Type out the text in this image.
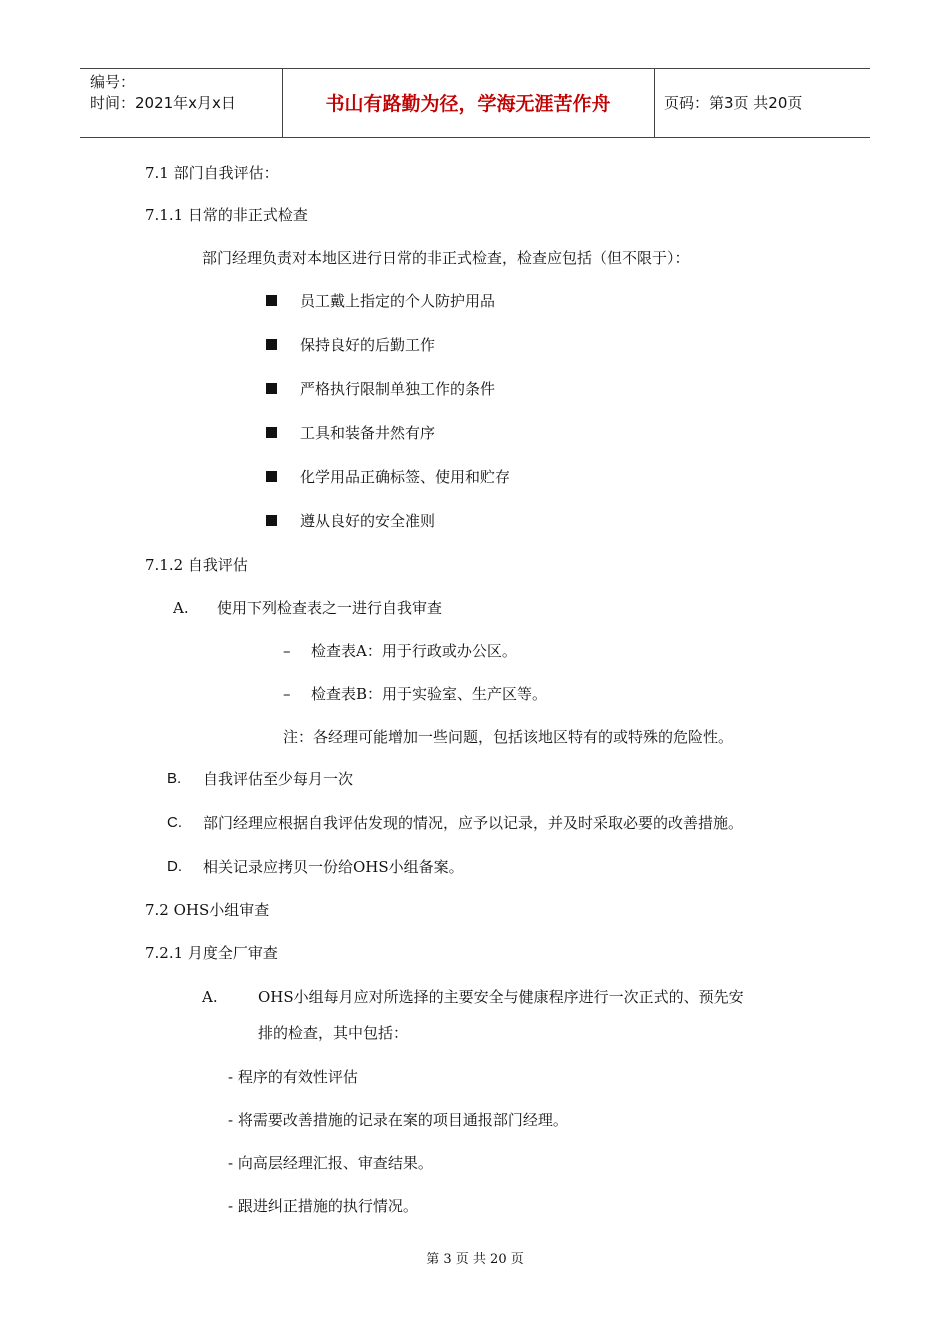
编号：
时间：2021年x月x日	书山有路勤为径，学海无涯苦作舟	页码：第3页 共20页
7.1 部门自我评估：
7.1.1 日常的非正式检查
部门经理负责对本地区进行日常的非正式检查，检查应包括（但不限于）：
员工戴上指定的个人防护用品
保持良好的后勤工作
严格执行限制单独工作的条件
工具和装备井然有序
化学用品正确标签、使用和贮存
遵从良好的安全准则
7.1.2 自我评估
A. 使用下列检查表之一进行自我审查
– 检查表A：用于行政或办公区。
– 检查表B：用于实验室、生产区等。
注：各经理可能增加一些问题，包括该地区特有的或特殊的危险性。
B. 自我评估至少每月一次
C. 部门经理应根据自我评估发现的情况，应予以记录，并及时采取必要的改善措施。
D. 相关记录应拷贝一份给OHS小组备案。
7.2 OHS小组审查
7.2.1 月度全厂审查
A.	OHS小组每月应对所选择的主要安全与健康程序进行一次正式的、预先安
排的检查，其中包括：
- 程序的有效性评估
- 将需要改善措施的记录在案的项目通报部门经理。
- 向高层经理汇报、审查结果。
- 跟进纠正措施的执行情况。
第 3 页 共 20 页
